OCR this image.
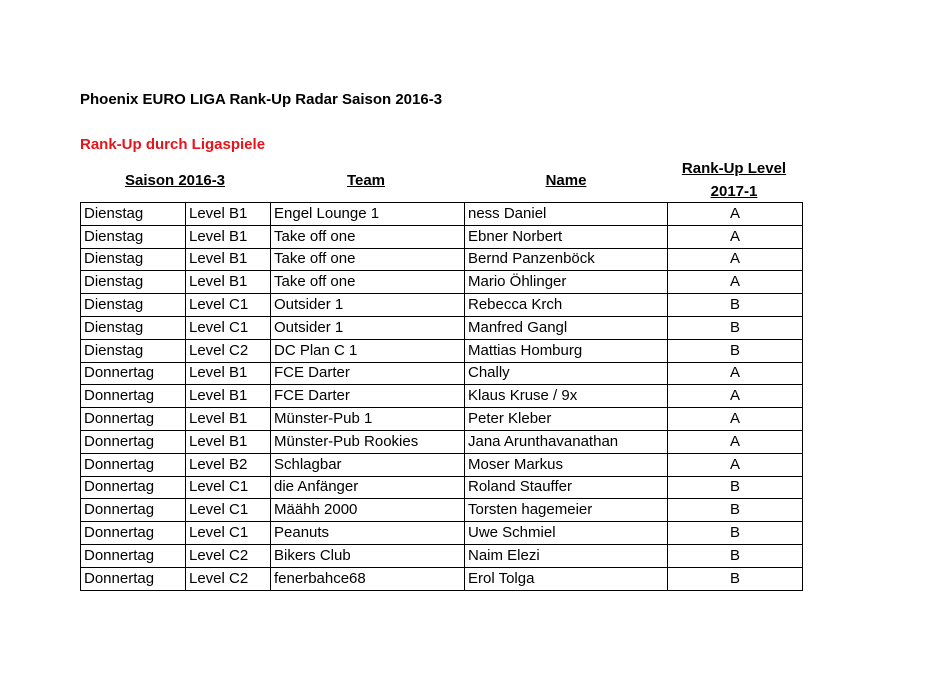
Phoenix EURO LIGA Rank-Up Radar Saison 2016-3
Rank-Up durch Ligaspiele
Saison 2016-3	Team	Name
Rank-Up Level
2017-1
Dienstag	Level B1	Engel Lounge 1	ness Daniel	A
Dienstag	Level B1	Take off one	Ebner Norbert	A
Dienstag	Level B1	Take off one	Bernd Panzenböck	A
Dienstag	Level B1	Take off one	Mario Öhlinger	A
Dienstag	Level C1	Outsider 1	Rebecca Krch	B
Dienstag	Level C1	Outsider 1	Manfred Gangl	B
Dienstag	Level C2	DC Plan C 1	Mattias Homburg	B
Donnertag	Level B1	FCE Darter	Chally	A
Donnertag	Level B1	FCE Darter	Klaus Kruse / 9x	A
Donnertag	Level B1	Münster-Pub 1	Peter Kleber	A
Donnertag	Level B1	Münster-Pub Rookies	Jana Arunthavanathan	A
Donnertag	Level B2	Schlagbar	Moser Markus	A
Donnertag	Level C1	die Anfänger	Roland Stauffer	B
Donnertag	Level C1	Määhh 2000	Torsten hagemeier	B
Donnertag	Level C1	Peanuts	Uwe Schmiel	B
Donnertag	Level C2	Bikers Club	Naim Elezi	B
Donnertag	Level C2	fenerbahce68	Erol Tolga	B
